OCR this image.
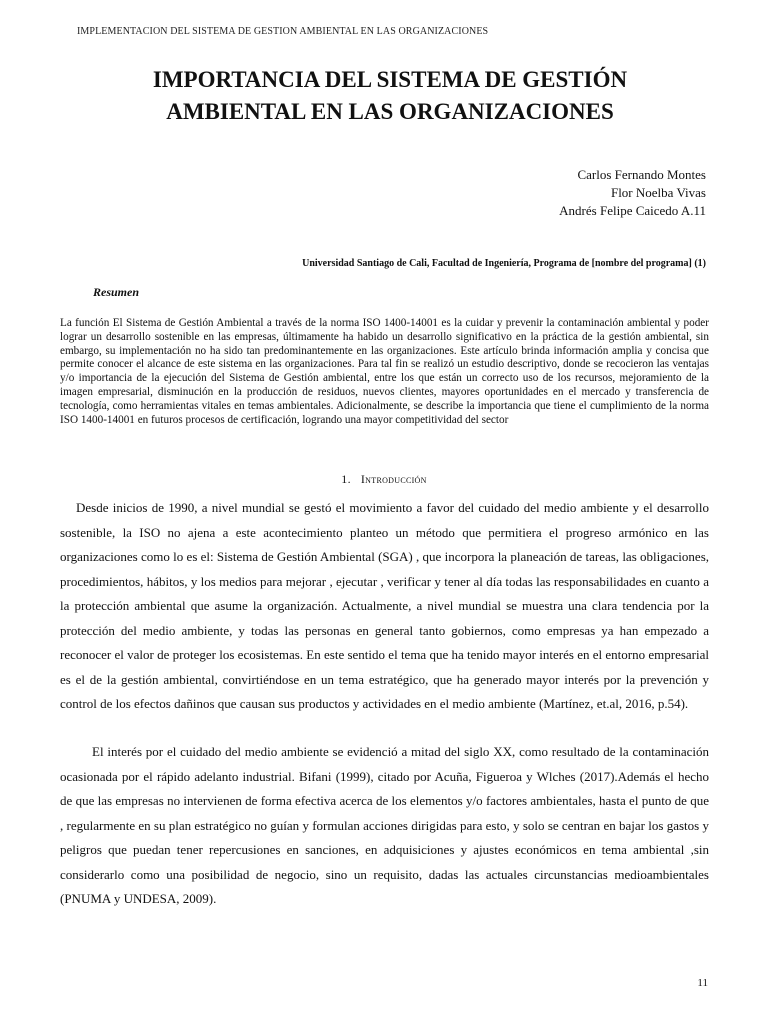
IMPLEMENTACION DEL SISTEMA DE GESTION AMBIENTAL EN LAS ORGANIZACIONES
IMPORTANCIA DEL SISTEMA DE GESTIÓN AMBIENTAL EN LAS ORGANIZACIONES
Carlos Fernando Montes
Flor Noelba Vivas
Andrés Felipe Caicedo A.11
Universidad Santiago de Cali, Facultad de Ingeniería, Programa de [nombre del programa] (1)
Resumen

La función El Sistema de Gestión Ambiental a través de la norma ISO 1400-14001 es la cuidar y prevenir la contaminación ambiental y poder lograr un desarrollo sostenible en las empresas, últimamente ha habido un desarrollo significativo en la práctica de la gestión ambiental, sin embargo, su implementación no ha sido tan predominantemente en las organizaciones. Este artículo brinda información amplia y concisa que permite conocer el alcance de este sistema en las organizaciones. Para tal fin se realizó un estudio descriptivo, donde se recocieron las ventajas y/o importancia de la ejecución del Sistema de Gestión ambiental, entre los que están un correcto uso de los recursos, mejoramiento de la imagen empresarial, disminución en la producción de residuos, nuevos clientes, mayores oportunidades en el mercado y transferencia de tecnología, como herramientas vitales en temas ambientales. Adicionalmente, se describe la importancia que tiene el cumplimiento de la norma ISO 1400-14001 en futuros procesos de certificación, logrando una mayor competitividad del sector

1. Introducción

Desde inicios de 1990, a nivel mundial se gestó el movimiento a favor del cuidado del medio ambiente y el desarrollo sostenible, la ISO no ajena a este acontecimiento planteo un método que permitiera el progreso armónico en las organizaciones como lo es el: Sistema de Gestión Ambiental (SGA) , que incorpora la planeación de tareas, las obligaciones, procedimientos, hábitos, y los medios para mejorar , ejecutar , verificar y tener al día todas las responsabilidades en cuanto a la protección ambiental que asume la organización. Actualmente, a nivel mundial se muestra una clara tendencia por la protección del medio ambiente, y todas las personas en general tanto gobiernos, como empresas ya han empezado a reconocer el valor de proteger los ecosistemas. En este sentido el tema que ha tenido mayor interés en el entorno empresarial es el de la gestión ambiental, convirtiéndose en un tema estratégico, que ha generado mayor interés por la prevención y control de los efectos dañinos que causan sus productos y actividades en el medio ambiente (Martínez, et.al, 2016, p.54).

El interés por el cuidado del medio ambiente se evidenció a mitad del siglo XX, como resultado de la contaminación ocasionada por el rápido adelanto industrial. Bifani (1999), citado por Acuña, Figueroa y Wlches (2017).Además el hecho de que las empresas no intervienen de forma efectiva acerca de los elementos y/o factores ambientales, hasta el punto de que , regularmente en su plan estratégico no guían y formulan acciones dirigidas para esto, y solo se centran en bajar los gastos y peligros que puedan tener repercusiones en sanciones, en adquisiciones y ajustes económicos en tema ambiental ,sin considerarlo como una posibilidad de negocio, sino un requisito, dadas las actuales circunstancias medioambientales (PNUMA y UNDESA, 2009).

11
